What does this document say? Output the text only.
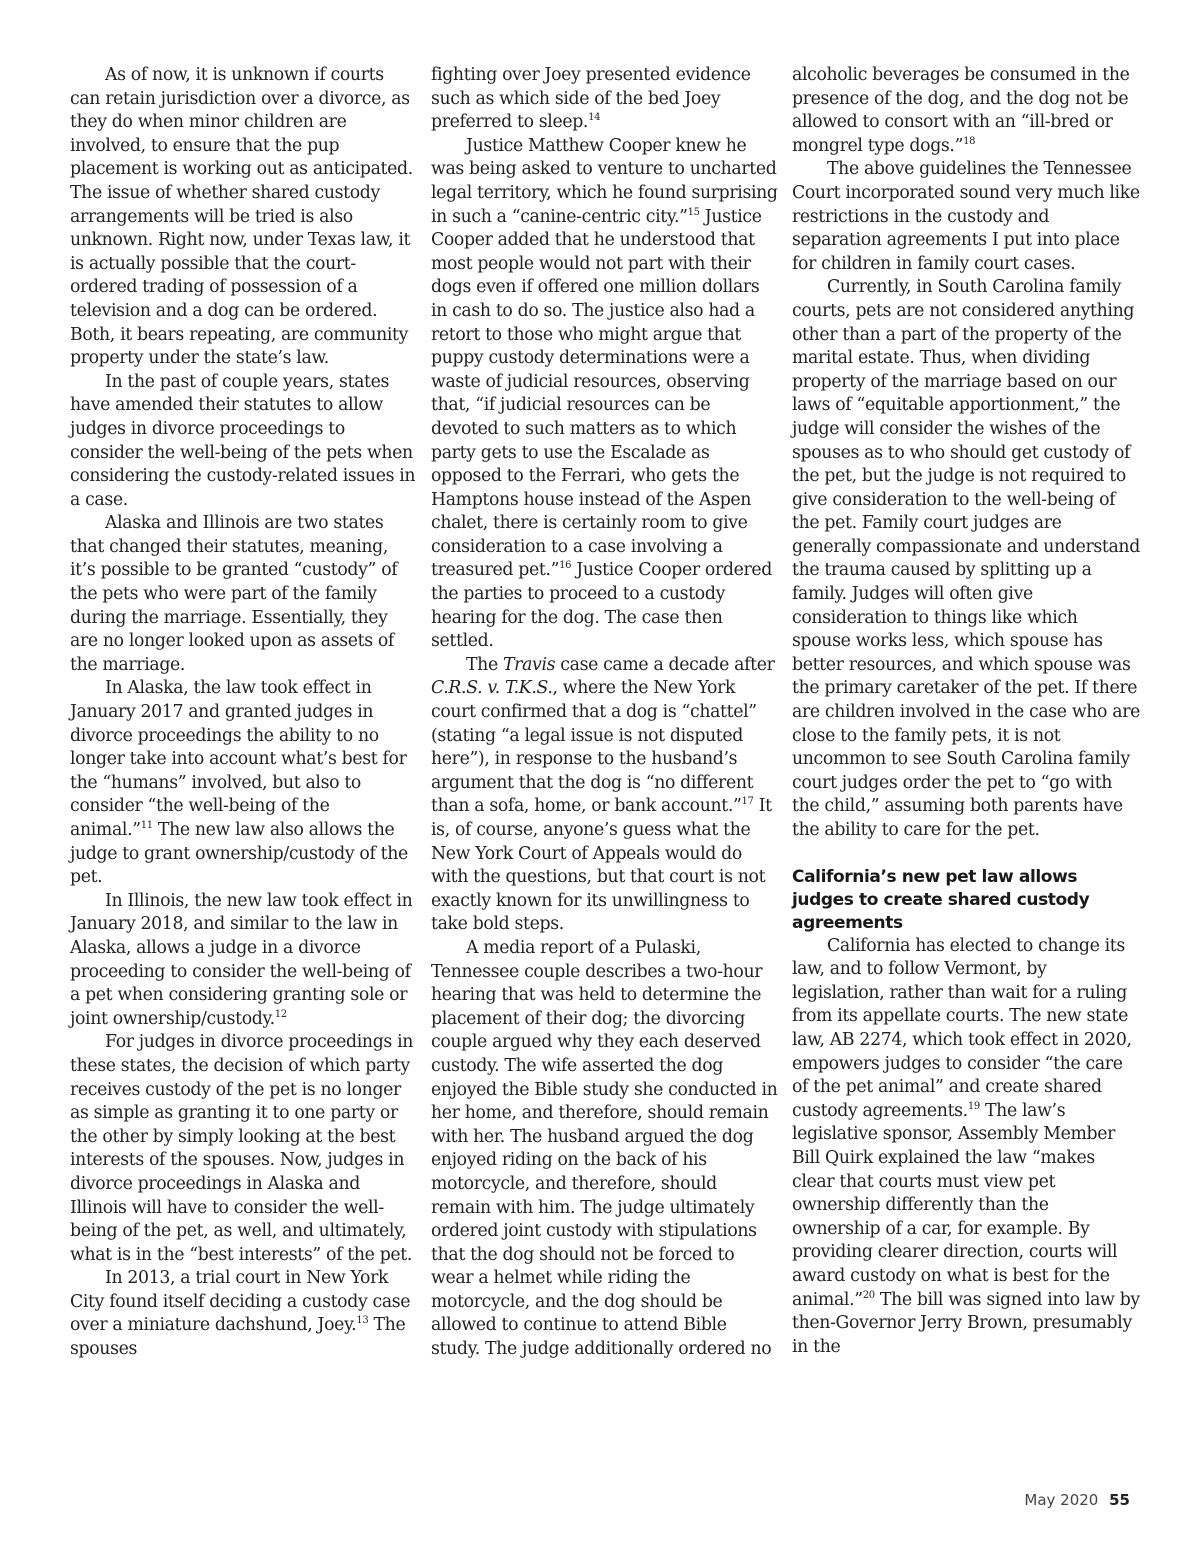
As of now, it is unknown if courts can retain jurisdiction over a divorce, as they do when minor children are involved, to ensure that the pup placement is working out as anticipated. The issue of whether shared custody arrangements will be tried is also unknown. Right now, under Texas law, it is actually possible that the court-ordered trading of possession of a television and a dog can be ordered. Both, it bears repeating, are community property under the state’s law.

In the past of couple years, states have amended their statutes to allow judges in divorce proceedings to consider the well-being of the pets when considering the custody-related issues in a case.

Alaska and Illinois are two states that changed their statutes, meaning, it’s possible to be granted “custody” of the pets who were part of the family during the marriage. Essentially, they are no longer looked upon as assets of the marriage.

In Alaska, the law took effect in January 2017 and granted judges in divorce proceedings the ability to no longer take into account what’s best for the “humans” involved, but also to consider “the well-being of the animal.”$^{11}$ The new law also allows the judge to grant ownership/custody of the pet.

In Illinois, the new law took effect in January 2018, and similar to the law in Alaska, allows a judge in a divorce proceeding to consider the well-being of a pet when considering granting sole or joint ownership/custody.$^{12}$

For judges in divorce proceedings in these states, the decision of which party receives custody of the pet is no longer as simple as granting it to one party or the other by simply looking at the best interests of the spouses. Now, judges in divorce proceedings in Alaska and Illinois will have to consider the well-being of the pet, as well, and ultimately, what is in the “best interests” of the pet.

In 2013, a trial court in New York City found itself deciding a custody case over a miniature dachshund, Joey.$^{13}$ The spouses

fighting over Joey presented evidence such as which side of the bed Joey preferred to sleep.$^{14}$

Justice Matthew Cooper knew he was being asked to venture to uncharted legal territory, which he found surprising in such a “canine-centric city.”$^{15}$ Justice Cooper added that he understood that most people would not part with their dogs even if offered one million dollars in cash to do so. The justice also had a retort to those who might argue that puppy custody determinations were a waste of judicial resources, observing that, “if judicial resources can be devoted to such matters as to which party gets to use the Escalade as opposed to the Ferrari, who gets the Hamptons house instead of the Aspen chalet, there is certainly room to give consideration to a case involving a treasured pet.”$^{16}$ Justice Cooper ordered the parties to proceed to a custody hearing for the dog. The case then settled.

The Travis case came a decade after C.R.S. v. T.K.S., where the New York court confirmed that a dog is “chattel” (stating “a legal issue is not disputed here”), in response to the husband’s argument that the dog is “no different than a sofa, home, or bank account.”$^{17}$ It is, of course, anyone’s guess what the New York Court of Appeals would do with the questions, but that court is not exactly known for its unwillingness to take bold steps.

A media report of a Pulaski, Tennessee couple describes a two-hour hearing that was held to determine the placement of their dog; the divorcing couple argued why they each deserved custody. The wife asserted the dog enjoyed the Bible study she conducted in her home, and therefore, should remain with her. The husband argued the dog enjoyed riding on the back of his motorcycle, and therefore, should remain with him. The judge ultimately ordered joint custody with stipulations that the dog should not be forced to wear a helmet while riding the motorcycle, and the dog should be allowed to continue to attend Bible study. The judge additionally ordered no

alcoholic beverages be consumed in the presence of the dog, and the dog not be allowed to consort with an “ill-bred or mongrel type dogs.”$^{18}$

The above guidelines the Tennessee Court incorporated sound very much like restrictions in the custody and separation agreements I put into place for children in family court cases.

Currently, in South Carolina family courts, pets are not considered anything other than a part of the property of the marital estate. Thus, when dividing property of the marriage based on our laws of “equitable apportionment,” the judge will consider the wishes of the spouses as to who should get custody of the pet, but the judge is not required to give consideration to the well-being of the pet. Family court judges are generally compassionate and understand the trauma caused by splitting up a family. Judges will often give consideration to things like which spouse works less, which spouse has better resources, and which spouse was the primary caretaker of the pet. If there are children involved in the case who are close to the family pets, it is not uncommon to see South Carolina family court judges order the pet to “go with the child,” assuming both parents have the ability to care for the pet.

California’s new pet law allows judges to create shared custody agreements

California has elected to change its law, and to follow Vermont, by legislation, rather than wait for a ruling from its appellate courts. The new state law, AB 2274, which took effect in 2020, empowers judges to consider “the care of the pet animal” and create shared custody agreements.$^{19}$ The law’s legislative sponsor, Assembly Member Bill Quirk explained the law “makes clear that courts must view pet ownership differently than the ownership of a car, for example. By providing clearer direction, courts will award custody on what is best for the animal.”$^{20}$ The bill was signed into law by then-Governor Jerry Brown, presumably in the

May 2020 55
